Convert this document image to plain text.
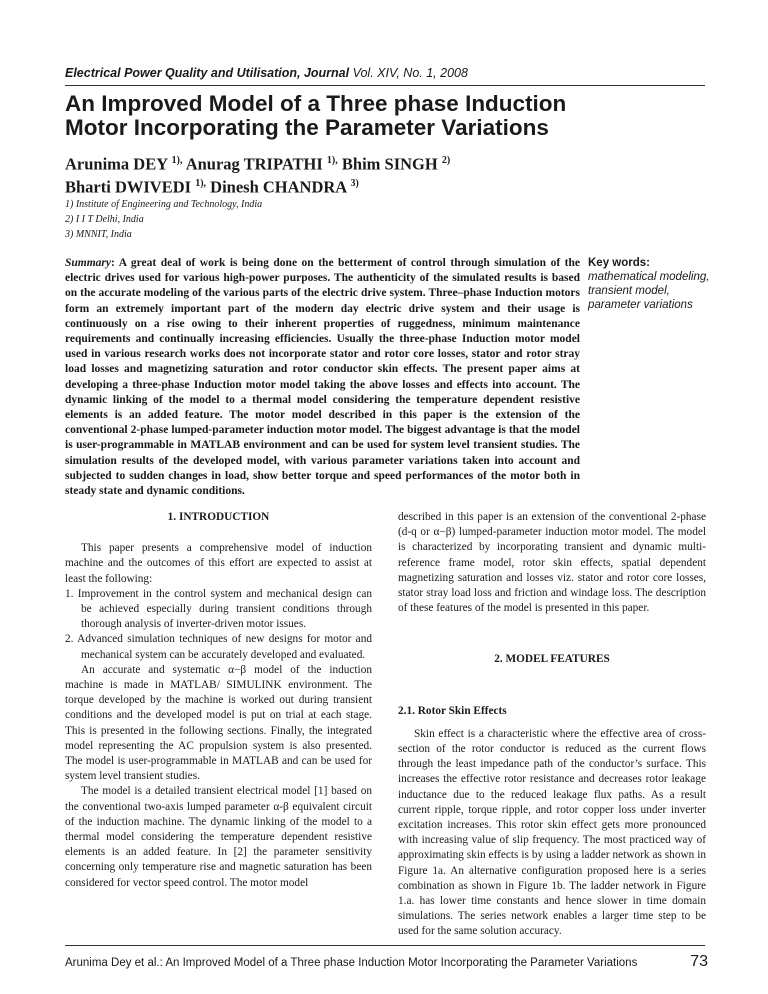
Electrical Power Quality and Utilisation, Journal Vol. XIV, No. 1, 2008
An Improved Model of a Three phase Induction Motor Incorporating the Parameter Variations
Arunima DEY $^{1),}$ Anurag TRIPATHI $^{1),}$ Bhim SINGH $^{2)}$
Bharti DWIVEDI $^{1),}$ Dinesh CHANDRA $^{3)}$
1) Institute of Engineering and Technology, India
2) I I T Delhi, India
3) MNNIT, India
Summary: A great deal of work is being done on the betterment of control through simulation of the electric drives used for various high-power purposes. The authenticity of the simulated results is based on the accurate modeling of the various parts of the electric drive system. Three–phase Induction motors form an extremely important part of the modern day electric drive system and their usage is continuously on a rise owing to their inherent properties of ruggedness, minimum maintenance requirements and continually increasing efficiencies. Usually the three-phase Induction motor model used in various research works does not incorporate stator and rotor core losses, stator and rotor stray load losses and magnetizing saturation and rotor conductor skin effects. The present paper aims at developing a three-phase Induction motor model taking the above losses and effects into account. The dynamic linking of the model to a thermal model considering the temperature dependent resistive elements is an added feature. The motor model described in this paper is the extension of the conventional 2-phase lumped-parameter induction motor model. The biggest advantage is that the model is user-programmable in MATLAB environment and can be used for system level transient studies. The simulation results of the developed model, with various parameter variations taken into account and subjected to sudden changes in load, show better torque and speed performances of the motor both in steady state and dynamic conditions.
Key words:
mathematical modeling,
transient model,
parameter variations

1. INTRODUCTION

This paper presents a comprehensive model of induction machine and the outcomes of this effort are expected to assist at least the following:

1. Improvement in the control system and mechanical design can be achieved especially during transient conditions through thorough analysis of inverter-driven motor issues.

2. Advanced simulation techniques of new designs for motor and mechanical system can be accurately developed and evaluated.

An accurate and systematic α−β model of the induction machine is made in MATLAB/ SIMULINK environment. The torque developed by the machine is worked out during transient conditions and the developed model is put on trial at each stage. This is presented in the following sections. Finally, the integrated model representing the AC propulsion system is also presented. The model is user-programmable in MATLAB and can be used for system level transient studies.

The model is a detailed transient electrical model [1] based on the conventional two-axis lumped parameter α-β equivalent circuit of the induction machine. The dynamic linking of the model to a thermal model considering the temperature dependent resistive elements is an added feature. In [2] the parameter sensitivity concerning only temperature rise and magnetic saturation has been considered for vector speed control. The motor model

described in this paper is an extension of the conventional 2-phase (d-q or α−β) lumped-parameter induction motor model. The model is characterized by incorporating transient and dynamic multi-reference frame model, rotor skin effects, spatial dependent magnetizing saturation and losses viz. stator and rotor core losses, stator stray load loss and friction and windage loss. The description of these features of the model is presented in this paper.

2. MODEL FEATURES

2.1. Rotor Skin Effects

Skin effect is a characteristic where the effective area of cross-section of the rotor conductor is reduced as the current flows through the least impedance path of the conductor’s surface. This increases the effective rotor resistance and decreases rotor leakage inductance due to the reduced leakage flux paths. As a result current ripple, torque ripple, and rotor copper loss under inverter excitation increases. This rotor skin effect gets more pronounced with increasing value of slip frequency. The most practiced way of approximating skin effects is by using a ladder network as shown in Figure 1a. An alternative configuration proposed here is a series combination as shown in Figure 1b. The ladder network in Figure 1.a. has lower time constants and hence slower in time domain simulations. The series network enables a larger time step to be used for the same solution accuracy.

Arunima Dey et al.: An Improved Model of a Three phase Induction Motor Incorporating the Parameter Variations	73
